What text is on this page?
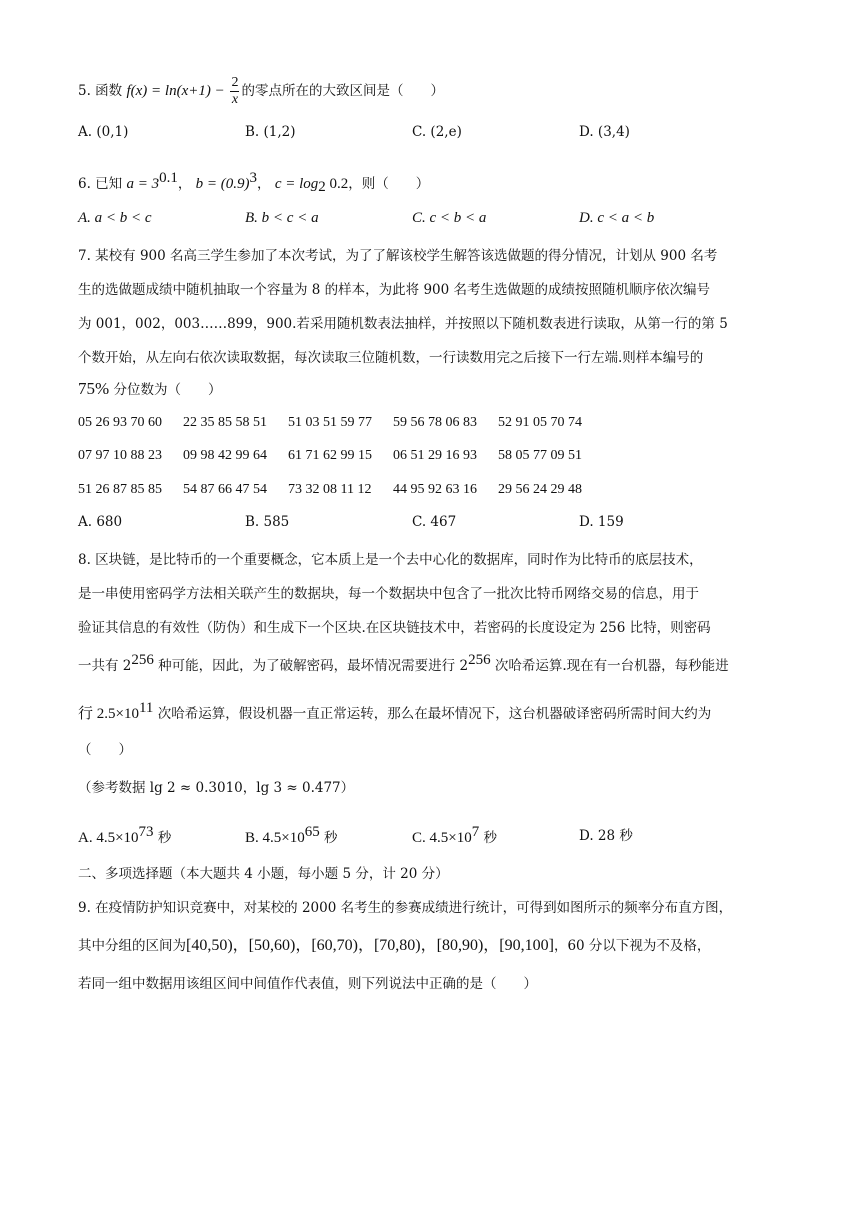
5. 函数 $f(x) = \ln(x+1) - \frac{2}{x}$ 的零点所在的大致区间是（　　）
A. (0,1)	B. (1,2)	C. (2,e)	D. (3,4)
6. 已知 $a = 3^{0.1}$， $b = (0.9)^3$， $c = \log_2 0.2$，则（　　）
A. a < b < c	B. b < c < a	C. c < b < a	D. c < a < b
7. 某校有 900 名高三学生参加了本次考试，为了了解该校学生解答该选做题的得分情况，计划从 900 名考
生的选做题成绩中随机抽取一个容量为 8 的样本，为此将 900 名考生选做题的成绩按照随机顺序依次编号
为 001，002，003……899，900.若采用随机数表法抽样，并按照以下随机数表进行读取，从第一行的第 5
个数开始，从左向右依次读取数据，每次读取三位随机数，一行读数用完之后接下一行左端.则样本编号的
75% 分位数为（　　）
05 26 93 70 60 22 35 85 58 51 51 03 51 59 77 59 56 78 06 83 52 91 05 70 74
07 97 10 88 23 09 98 42 99 64 61 71 62 99 15 06 51 29 16 93 58 05 77 09 51
51 26 87 85 85 54 87 66 47 54 73 32 08 11 12 44 95 92 63 16 29 56 24 29 48
A. 680	B. 585	C. 467	D. 159
8. 区块链，是比特币的一个重要概念，它本质上是一个去中心化的数据库，同时作为比特币的底层技术，
是一串使用密码学方法相关联产生的数据块，每一个数据块中包含了一批次比特币网络交易的信息，用于
验证其信息的有效性（防伪）和生成下一个区块.在区块链技术中，若密码的长度设定为 256 比特，则密码
一共有 $2^{256}$ 种可能，因此，为了破解密码，最坏情况需要进行 $2^{256}$ 次哈希运算.现在有一台机器，每秒能进
行 $2.5\times 10^{11}$ 次哈希运算，假设机器一直正常运转，那么在最坏情况下，这台机器破译密码所需时间大约为
（　　）
（参考数据 lg 2 ≈ 0.3010，lg 3 ≈ 0.477）
A. $4.5\times 10^{73}$ 秒	B. $4.5\times 10^{65}$ 秒	C. $4.5\times 10^7$ 秒	D. 28 秒
二、多项选择题（本大题共 4 小题，每小题 5 分，计 20 分）
9. 在疫情防护知识竞赛中，对某校的 2000 名考生的参赛成绩进行统计，可得到如图所示的频率分布直方图，
其中分组的区间为[40,50)，[50,60)，[60,70)，[70,80)，[80,90)，[90,100]，60 分以下视为不及格，
若同一组中数据用该组区间中间值作代表值，则下列说法中正确的是（　　）
